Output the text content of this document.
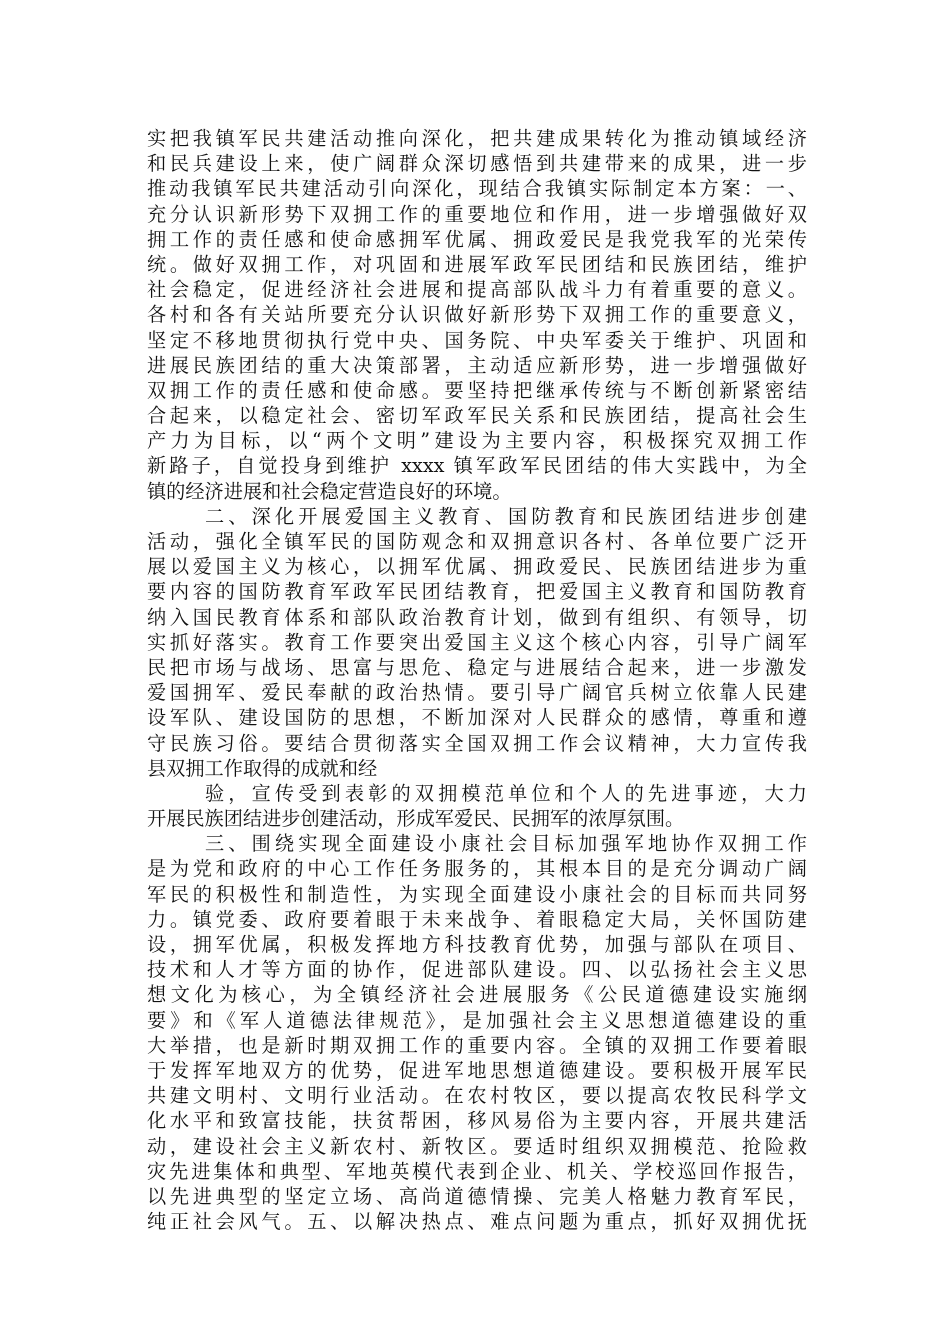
实把我镇军民共建活动推向深化，把共建成果转化为推动镇域经济
和民兵建设上来，使广阔群众深切感悟到共建带来的成果，进一步
推动我镇军民共建活动引向深化，现结合我镇实际制定本方案：一、
充分认识新形势下双拥工作的重要地位和作用，进一步增强做好双
拥工作的责任感和使命感拥军优属、拥政爱民是我党我军的光荣传
统。做好双拥工作，对巩固和进展军政军民团结和民族团结，维护
社会稳定，促进经济社会进展和提高部队战斗力有着重要的意义。
各村和各有关站所要充分认识做好新形势下双拥工作的重要意义，
坚定不移地贯彻执行党中央、国务院、中央军委关于维护、巩固和
进展民族团结的重大决策部署，主动适应新形势，进一步增强做好
双拥工作的责任感和使命感。要坚持把继承传统与不断创新紧密结
合起来，以稳定社会、密切军政军民关系和民族团结，提高社会生
产力为目标，以“两个文明”建设为主要内容，积极探究双拥工作
新路子，自觉投身到维护 xxxx 镇军政军民团结的伟大实践中，为全
镇的经济进展和社会稳定营造良好的环境。
二、深化开展爱国主义教育、国防教育和民族团结进步创建
活动，强化全镇军民的国防观念和双拥意识各村、各单位要广泛开
展以爱国主义为核心，以拥军优属、拥政爱民、民族团结进步为重
要内容的国防教育军政军民团结教育，把爱国主义教育和国防教育
纳入国民教育体系和部队政治教育计划，做到有组织、有领导，切
实抓好落实。教育工作要突出爱国主义这个核心内容，引导广阔军
民把市场与战场、思富与思危、稳定与进展结合起来，进一步激发
爱国拥军、爱民奉献的政治热情。要引导广阔官兵树立依靠人民建
设军队、建设国防的思想，不断加深对人民群众的感情，尊重和遵
守民族习俗。要结合贯彻落实全国双拥工作会议精神，大力宣传我
县双拥工作取得的成就和经
验，宣传受到表彰的双拥模范单位和个人的先进事迹，大力
开展民族团结进步创建活动，形成军爱民、民拥军的浓厚氛围。
三、围绕实现全面建设小康社会目标加强军地协作双拥工作
是为党和政府的中心工作任务服务的，其根本目的是充分调动广阔
军民的积极性和制造性，为实现全面建设小康社会的目标而共同努
力。镇党委、政府要着眼于未来战争、着眼稳定大局，关怀国防建
设，拥军优属，积极发挥地方科技教育优势，加强与部队在项目、
技术和人才等方面的协作，促进部队建设。四、以弘扬社会主义思
想文化为核心，为全镇经济社会进展服务《公民道德建设实施纲
要》和《军人道德法律规范》，是加强社会主义思想道德建设的重
大举措，也是新时期双拥工作的重要内容。全镇的双拥工作要着眼
于发挥军地双方的优势，促进军地思想道德建设。要积极开展军民
共建文明村、文明行业活动。在农村牧区，要以提高农牧民科学文
化水平和致富技能，扶贫帮困，移风易俗为主要内容，开展共建活
动，建设社会主义新农村、新牧区。要适时组织双拥模范、抢险救
灾先进集体和典型、军地英模代表到企业、机关、学校巡回作报告，
以先进典型的坚定立场、高尚道德情操、完美人格魅力教育军民，
纯正社会风气。五、以解决热点、难点问题为重点，抓好双拥优抚
